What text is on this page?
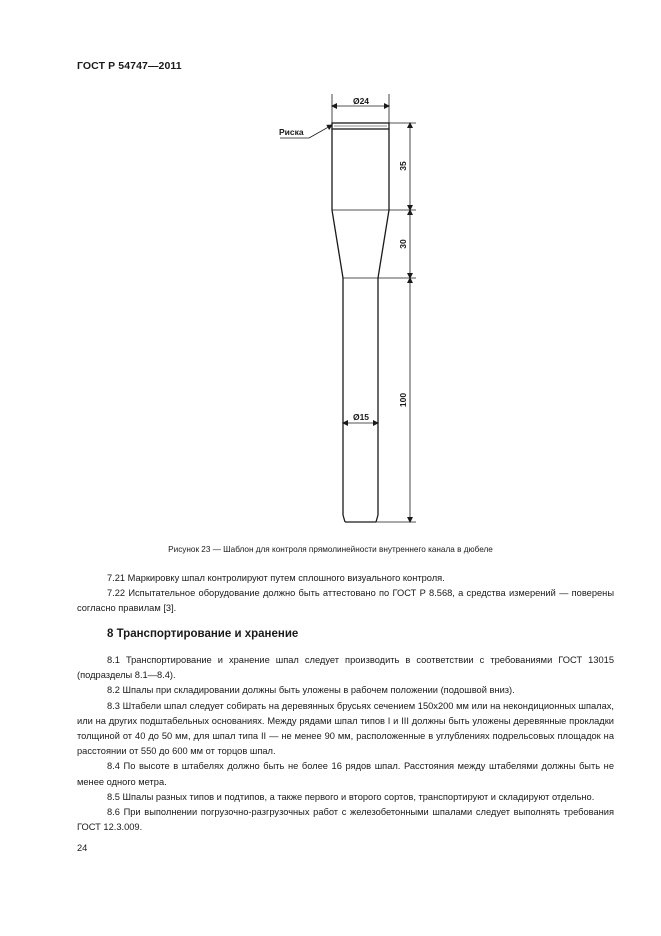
ГОСТ Р 54747—2011
Ø24
Риска
35
30
100
Ø15
Рисунок 23 — Шаблон для контроля прямолинейности внутреннего канала в дюбеле

7.21 Маркировку шпал контролируют путем сплошного визуального контроля.

7.22 Испытательное оборудование должно быть аттестовано по ГОСТ Р 8.568, а средства измерений — поверены согласно правилам [3].

8 Транспортирование и хранение

8.1 Транспортирование и хранение шпал следует производить в соответствии с требованиями ГОСТ 13015 (подразделы 8.1—8.4).

8.2 Шпалы при складировании должны быть уложены в рабочем положении (подошвой вниз).

8.3 Штабели шпал следует собирать на деревянных брусьях сечением 150х200 мм или на некондиционных шпалах, или на других подштабельных основаниях. Между рядами шпал типов I и III должны быть уложены деревянные прокладки толщиной от 40 до 50 мм, для шпал типа II — не менее 90 мм, расположенные в углублениях подрельсовых площадок на расстоянии от 550 до 600 мм от торцов шпал.

8.4 По высоте в штабелях должно быть не более 16 рядов шпал. Расстояния между штабелями должны быть не менее одного метра.

8.5 Шпалы разных типов и подтипов, а также первого и второго сортов, транспортируют и складируют отдельно.

8.6 При выполнении погрузочно-разгрузочных работ с железобетонными шпалами следует выполнять требования ГОСТ 12.3.009.

24
